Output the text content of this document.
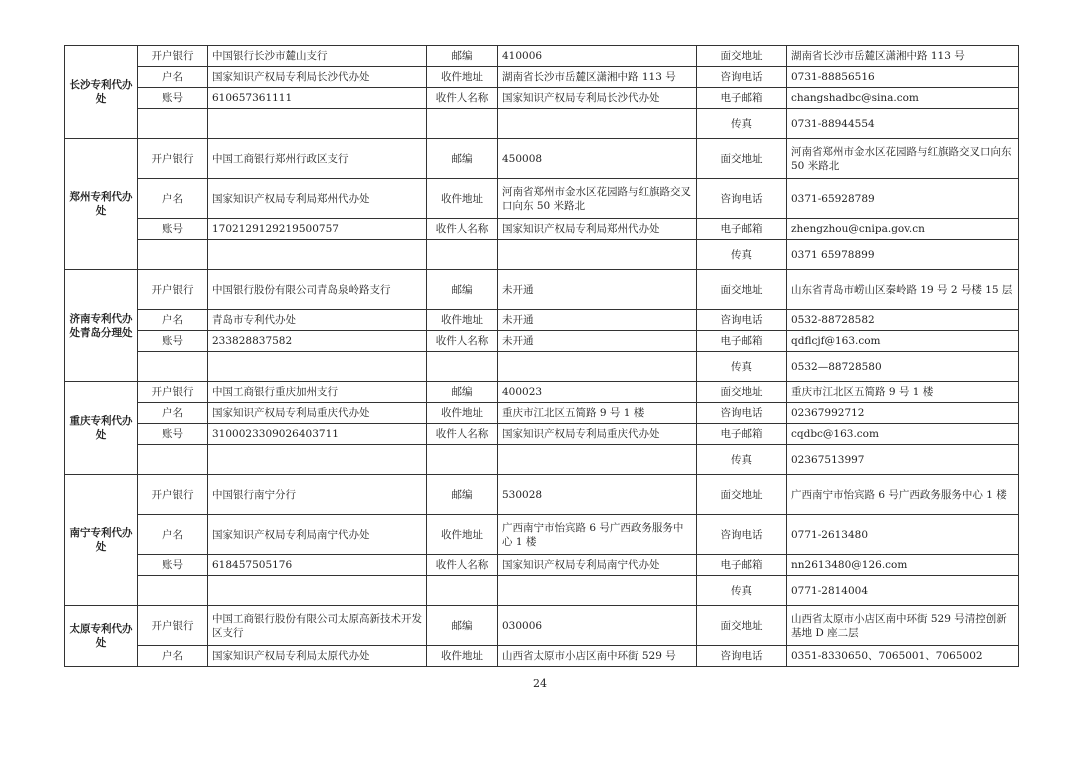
长沙专利代办处	开户银行	中国银行长沙市麓山支行	邮编	410006	面交地址	湖南省长沙市岳麓区潇湘中路 113 号
	户名	国家知识产权局专利局长沙代办处	收件地址	湖南省长沙市岳麓区潇湘中路 113 号	咨询电话	0731-88856516
	账号	610657361111	收件人名称	国家知识产权局专利局长沙代办处	电子邮箱	changshadbc@sina.com
					传真	0731-88944554
郑州专利代办处	开户银行	中国工商银行郑州行政区支行	邮编	450008	面交地址	河南省郑州市金水区花园路与红旗路交叉口向东 50 米路北
	户名	国家知识产权局专利局郑州代办处	收件地址	河南省郑州市金水区花园路与红旗路交叉口向东 50 米路北	咨询电话	0371-65928789
	账号	1702129129219500757	收件人名称	国家知识产权局专利局郑州代办处	电子邮箱	zhengzhou@cnipa.gov.cn
					传真	0371 65978899
济南专利代办处青岛分理处	开户银行	中国银行股份有限公司青岛泉岭路支行	邮编	未开通	面交地址	山东省青岛市崂山区秦岭路 19 号 2 号楼 15 层
	户名	青岛市专利代办处	收件地址	未开通	咨询电话	0532-88728582
	账号	233828837582	收件人名称	未开通	电子邮箱	qdflcjf@163.com
					传真	0532—88728580
重庆专利代办处	开户银行	中国工商银行重庆加州支行	邮编	400023	面交地址	重庆市江北区五简路 9 号 1 楼
	户名	国家知识产权局专利局重庆代办处	收件地址	重庆市江北区五简路 9 号 1 楼	咨询电话	02367992712
	账号	3100023309026403711	收件人名称	国家知识产权局专利局重庆代办处	电子邮箱	cqdbc@163.com
					传真	02367513997
南宁专利代办处	开户银行	中国银行南宁分行	邮编	530028	面交地址	广西南宁市怡宾路 6 号广西政务服务中心 1 楼
	户名	国家知识产权局专利局南宁代办处	收件地址	广西南宁市怡宾路 6 号广西政务服务中心 1 楼	咨询电话	0771-2613480
	账号	618457505176	收件人名称	国家知识产权局专利局南宁代办处	电子邮箱	nn2613480@126.com
					传真	0771-2814004
太原专利代办处	开户银行	中国工商银行股份有限公司太原高新技术开发区支行	邮编	030006	面交地址	山西省太原市小店区南中环街 529 号清控创新基地 D 座二层
	户名	国家知识产权局专利局太原代办处	收件地址	山西省太原市小店区南中环街 529 号	咨询电话	0351-8330650、7065001、7065002
24
